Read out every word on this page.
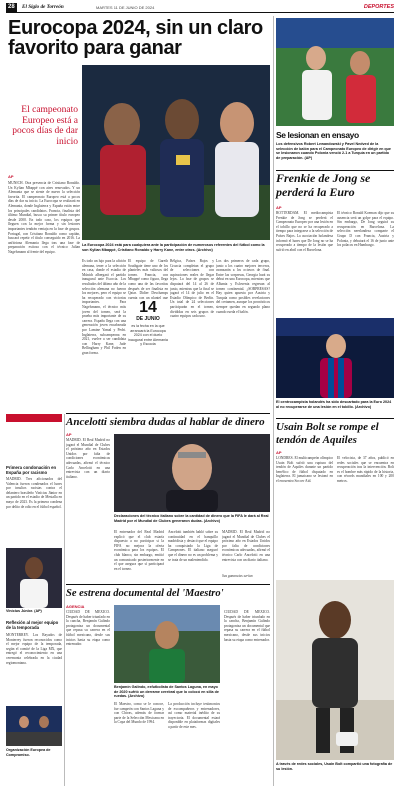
28	El Siglo de Torreón	MARTES 11 DE JUNIO DE 2024	DEPORTES
Eurocopa 2024, sin un claro favorito para ganar
El campeonato Europeo está a pocos días de dar inicio
AP
MUNICH. Otra presencia de Cristiano Ronaldo. Un Kylian Mbappé con aires renovados. Y un Alemania que se siente de nuevo la selección favorita. El campeonato Europeo está a pocos días de dar su inicio. La Eurocopa se realizará en Alemania, donde Inglaterra y España están entre los principales candidatos. Francia, finalista del último Mundial, busca su primer título europeo desde 2000. En todo caso, los equipos que lleguen con la mejor forma y sin lesiones importantes tendrán ventaja en la fase de grupos. Portugal, con Cristiano Ronaldo como capitán, buscará repetir el título conseguido en 2016. La anfitriona Alemania llega tras una fase de preparación exitosa con el técnico Julian Nagelsmann al frente del equipo.
La Eurocopa 2024 está para cualquiera ante la participación de numerosos referentes del fútbol como la son Kylian Mbappé, Cristiano Ronaldo y Harry Kane, entre otros. (Archivo)
Es todo un lujo para la afición alemana, tener a la selección en casa, donde el estadio de Múnich albergará el partido inaugural ante Escocia. Los resultados del último año de la selección alemana no fueron los mejores, pero el equipo se ha recuperado con victorias importantes. Para Nagelsmann, el técnico más joven del torneo, será la prueba más importante de su carrera. España llega con una generación joven encabezada por Lamine Yamal y Pedri. Inglaterra, subcampeona en 2021, vuelve a ser candidata con Harry Kane, Jude Bellingham y Phil Foden en gran forma.
14
DE JUNIO
es la fecha en la que arrancará la Eurocopa 2024 con el duelo inaugural entre Alemania y Escocia
El equipo de Gareth Southgate tiene uno de los planteles más valiosos del torneo. Francia, con Mbappé como figura, llega como una de las favoritas después de ser finalista en Qatar. Didier Deschamps cuenta con un plantel que
Bélgica, Países Bajos y Croacia completan el grupo de selecciones con aspiraciones reales de llegar lejos. La fase de grupos se disputará del 14 al 26 de junio, mientras que la final se jugará el 14 de julio en el Estadio Olímpico de Berlín. Un total de 24 selecciones participarán en el torneo, divididas en seis grupos de cuatro equipos cada uno.
Los dos primeros de cada grupo, junto a los cuatro mejores terceros, avanzarán a los octavos de final. Entre las sorpresas, Georgia hará su debut en una Eurocopa, mientras que Albania y Eslovenia regresan al torneo continental. ¿SORPRESAS? Hay quien apuesta por Austria y Turquía como posibles revelaciones del certamen, aunque los pronósticos siempre quedan en segundo plano cuando rueda el balón.
Se lesionan en ensayo
Los defensivos Robert Lewandowski y Pavel Nedved de la selección de balón para el Campeonato Europeo de dirigir en que se lesionaron cuando Polonia venció 2-1 a Turquía en un partido de preparación. (AP)
Frenkie de Jong se perderá la Euro
AP
ROTTERDAM. El mediocampista Frenkie de Jong se perderá el Campeonato Europeo por una lesión en el tobillo que no se ha recuperado a tiempo para integrarse a la selección de Países Bajos. La asociación holandesa informó el lunes que De Jong no se ha recuperado a tiempo de la lesión que sufrió en abril con el Barcelona.
El técnico Ronald Koeman dijo que su ausencia será un golpe para el equipo. Sin embargo, De Jong seguirá su recuperación en Barcelona. La selección neerlandesa comparte el Grupo D con Francia, Austria y Polonia, y debutará el 16 de junio ante los polacos en Hamburgo.
El centrocampista holandés ha sido descartado para la Euro 2024 al no recuperarse de una lesión en el tobillo. (Archivo)
BREVES
Primera condonación en España por racismo
MADRID. Tres aficionados del Valencia fueron condenados el lunes por insultos racistas contra el delantero brasileño Vinícius Júnior en un partido en el estadio de Mestalla en mayo de 2023. Es la primera condena por delito de odio en el fútbol español.
Vinícius Júnior. (AP)
Reflexión al mejor equipo de la temporada
MONTERREY. Los Rayados de Monterrey fueron reconocidos como el mejor equipo de la temporada, según el comité de la Liga MX, que entregó el reconocimiento en una ceremonia celebrada en la ciudad regiomontana.
Organización Europea de Compromiso.
Ancelotti siembra dudas al hablar de dinero
AP
MADRID. El Real Madrid no jugará el Mundial de Clubes el próximo año en Estados Unidos por falta de condiciones económicas adecuadas, afirmó el técnico Carlo Ancelotti en una entrevista con un diario italiano.
Declaraciones del técnico italiano sobre la cantidad de dinero que la FIFA le dará al Real Madrid por el Mundial de Clubes generaron dudas. (Archivo)
El entrenador del Real Madrid explicó que el club estaría dispuesto a no participar si la FIFA no mejora la oferta económica para los equipos. El club blanco, sin embargo, emitió un comunicado posteriormente en el que asegura que sí participará en el torneo.
Ancelotti también habló sobre su continuidad en el banquillo madridista y destacó que el equipo ha conquistado la Liga de Campeones. El italiano aseguró que el dinero no es un problema y se trata de un malentendido.
MADRID. El Real Madrid no jugará el Mundial de Clubes el próximo año en Estados Unidos por falta de condiciones económicas adecuadas, afirmó el técnico Carlo Ancelotti en una entrevista con un diario italiano.
Sus ganancias serían
Se estrena documental del 'Maestro'
AGENCIA
CIUDAD DE MÉXICO. Después de haber triunfado en la cancha, Benjamín Galindo protagoniza un documental que repasa su carrera en el fútbol mexicano, desde sus inicios hasta su etapa como entrenador.
Benjamín Galindo, exfutbolista de Santos Laguna, en mayo de 2020 sufrió un derrame cerebral que lo colocó en silla de ruedas. (Archivo)
El Maestro, como se le conoce, fue campeón con Santos Laguna y con Chivas, además de formar parte de la Selección Mexicana en la Copa del Mundo de 1994.
La producción incluye testimonios de excompañeros y entrenadores, así como material inédito de su trayectoria. El documental estará disponible en plataformas digitales a partir de este mes.
CIUDAD DE MÉXICO. Después de haber triunfado en la cancha, Benjamín Galindo protagoniza un documental que repasa su carrera en el fútbol mexicano, desde sus inicios hasta su etapa como entrenador.
Usain Bolt se rompe el tendón de Aquiles
AP
LONDRES. El multicampeón olímpico Usain Bolt sufrió una ruptura del tendón de Aquiles durante un partido benéfico de fútbol disputado en Inglaterra. El jamaicano se lesionó en el encuentro Soccer Aid.
El velocista, de 37 años, publicó en redes sociales que se encuentra en recuperación tras la intervención. Bolt es el hombre más rápido de la historia, con récords mundiales en 100 y 200 metros.
A través de redes sociales, Usain Bolt compartió una fotografía de su lesión.
